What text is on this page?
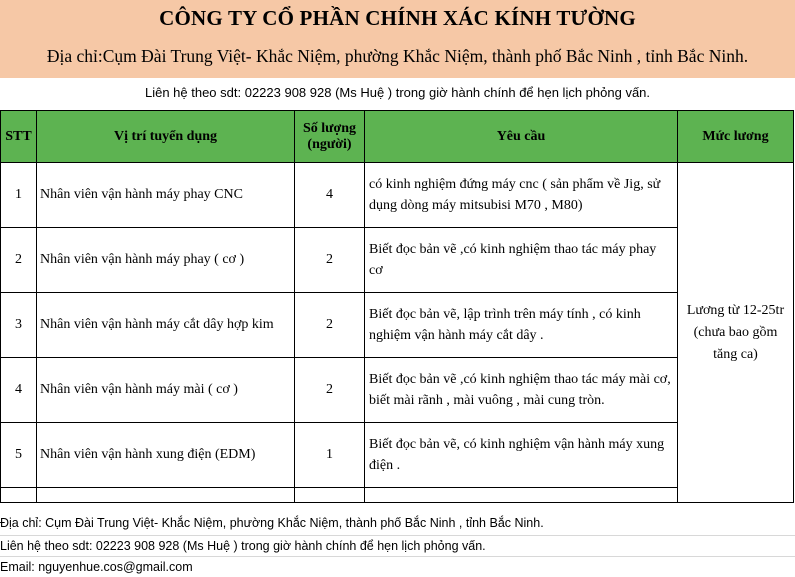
CÔNG TY CỔ PHẦN CHÍNH XÁC KÍNH TƯỜNG
Địa chỉ:Cụm Đài Trung Việt- Khắc Niệm, phường Khắc Niệm, thành phố Bắc Ninh , tỉnh Bắc Ninh.
Liên hệ theo sdt: 02223 908 928 (Ms Huệ ) trong giờ hành chính để hẹn lịch phỏng vấn.
STT	Vị trí tuyển dụng	Số lượng (người)	Yêu cầu	Mức lương
1	Nhân viên vận hành máy phay CNC	4	có kinh nghiệm đứng máy cnc ( sản phẩm về Jig, sử dụng dòng máy mitsubisi M70 , M80)	Lương từ 12-25tr (chưa bao gồm tăng ca)
2	Nhân viên vận hành máy phay ( cơ )	2	Biết đọc bản vẽ ,có kinh nghiệm thao tác máy phay cơ	
3	Nhân viên vận hành máy cắt dây hợp kim	2	Biết đọc bản vẽ, lập trình trên máy tính , có kinh nghiệm vận hành máy cắt dây .	
4	Nhân viên vận hành máy mài ( cơ )	2	Biết đọc bản vẽ ,có kinh nghiệm thao tác máy mài cơ, biết mài rãnh , mài vuông , mài cung tròn.	
5	Nhân viên vận hành xung điện (EDM)	1	Biết đọc bản vẽ, có kinh nghiệm vận hành máy xung điện .	

Địa chỉ: Cụm Đài Trung Việt- Khắc Niệm, phường Khắc Niệm, thành phố Bắc Ninh , tỉnh Bắc Ninh.
Liên hệ theo sdt: 02223 908 928 (Ms Huệ ) trong giờ hành chính để hẹn lịch phỏng vấn.
Email: nguyenhue.cos@gmail.com
